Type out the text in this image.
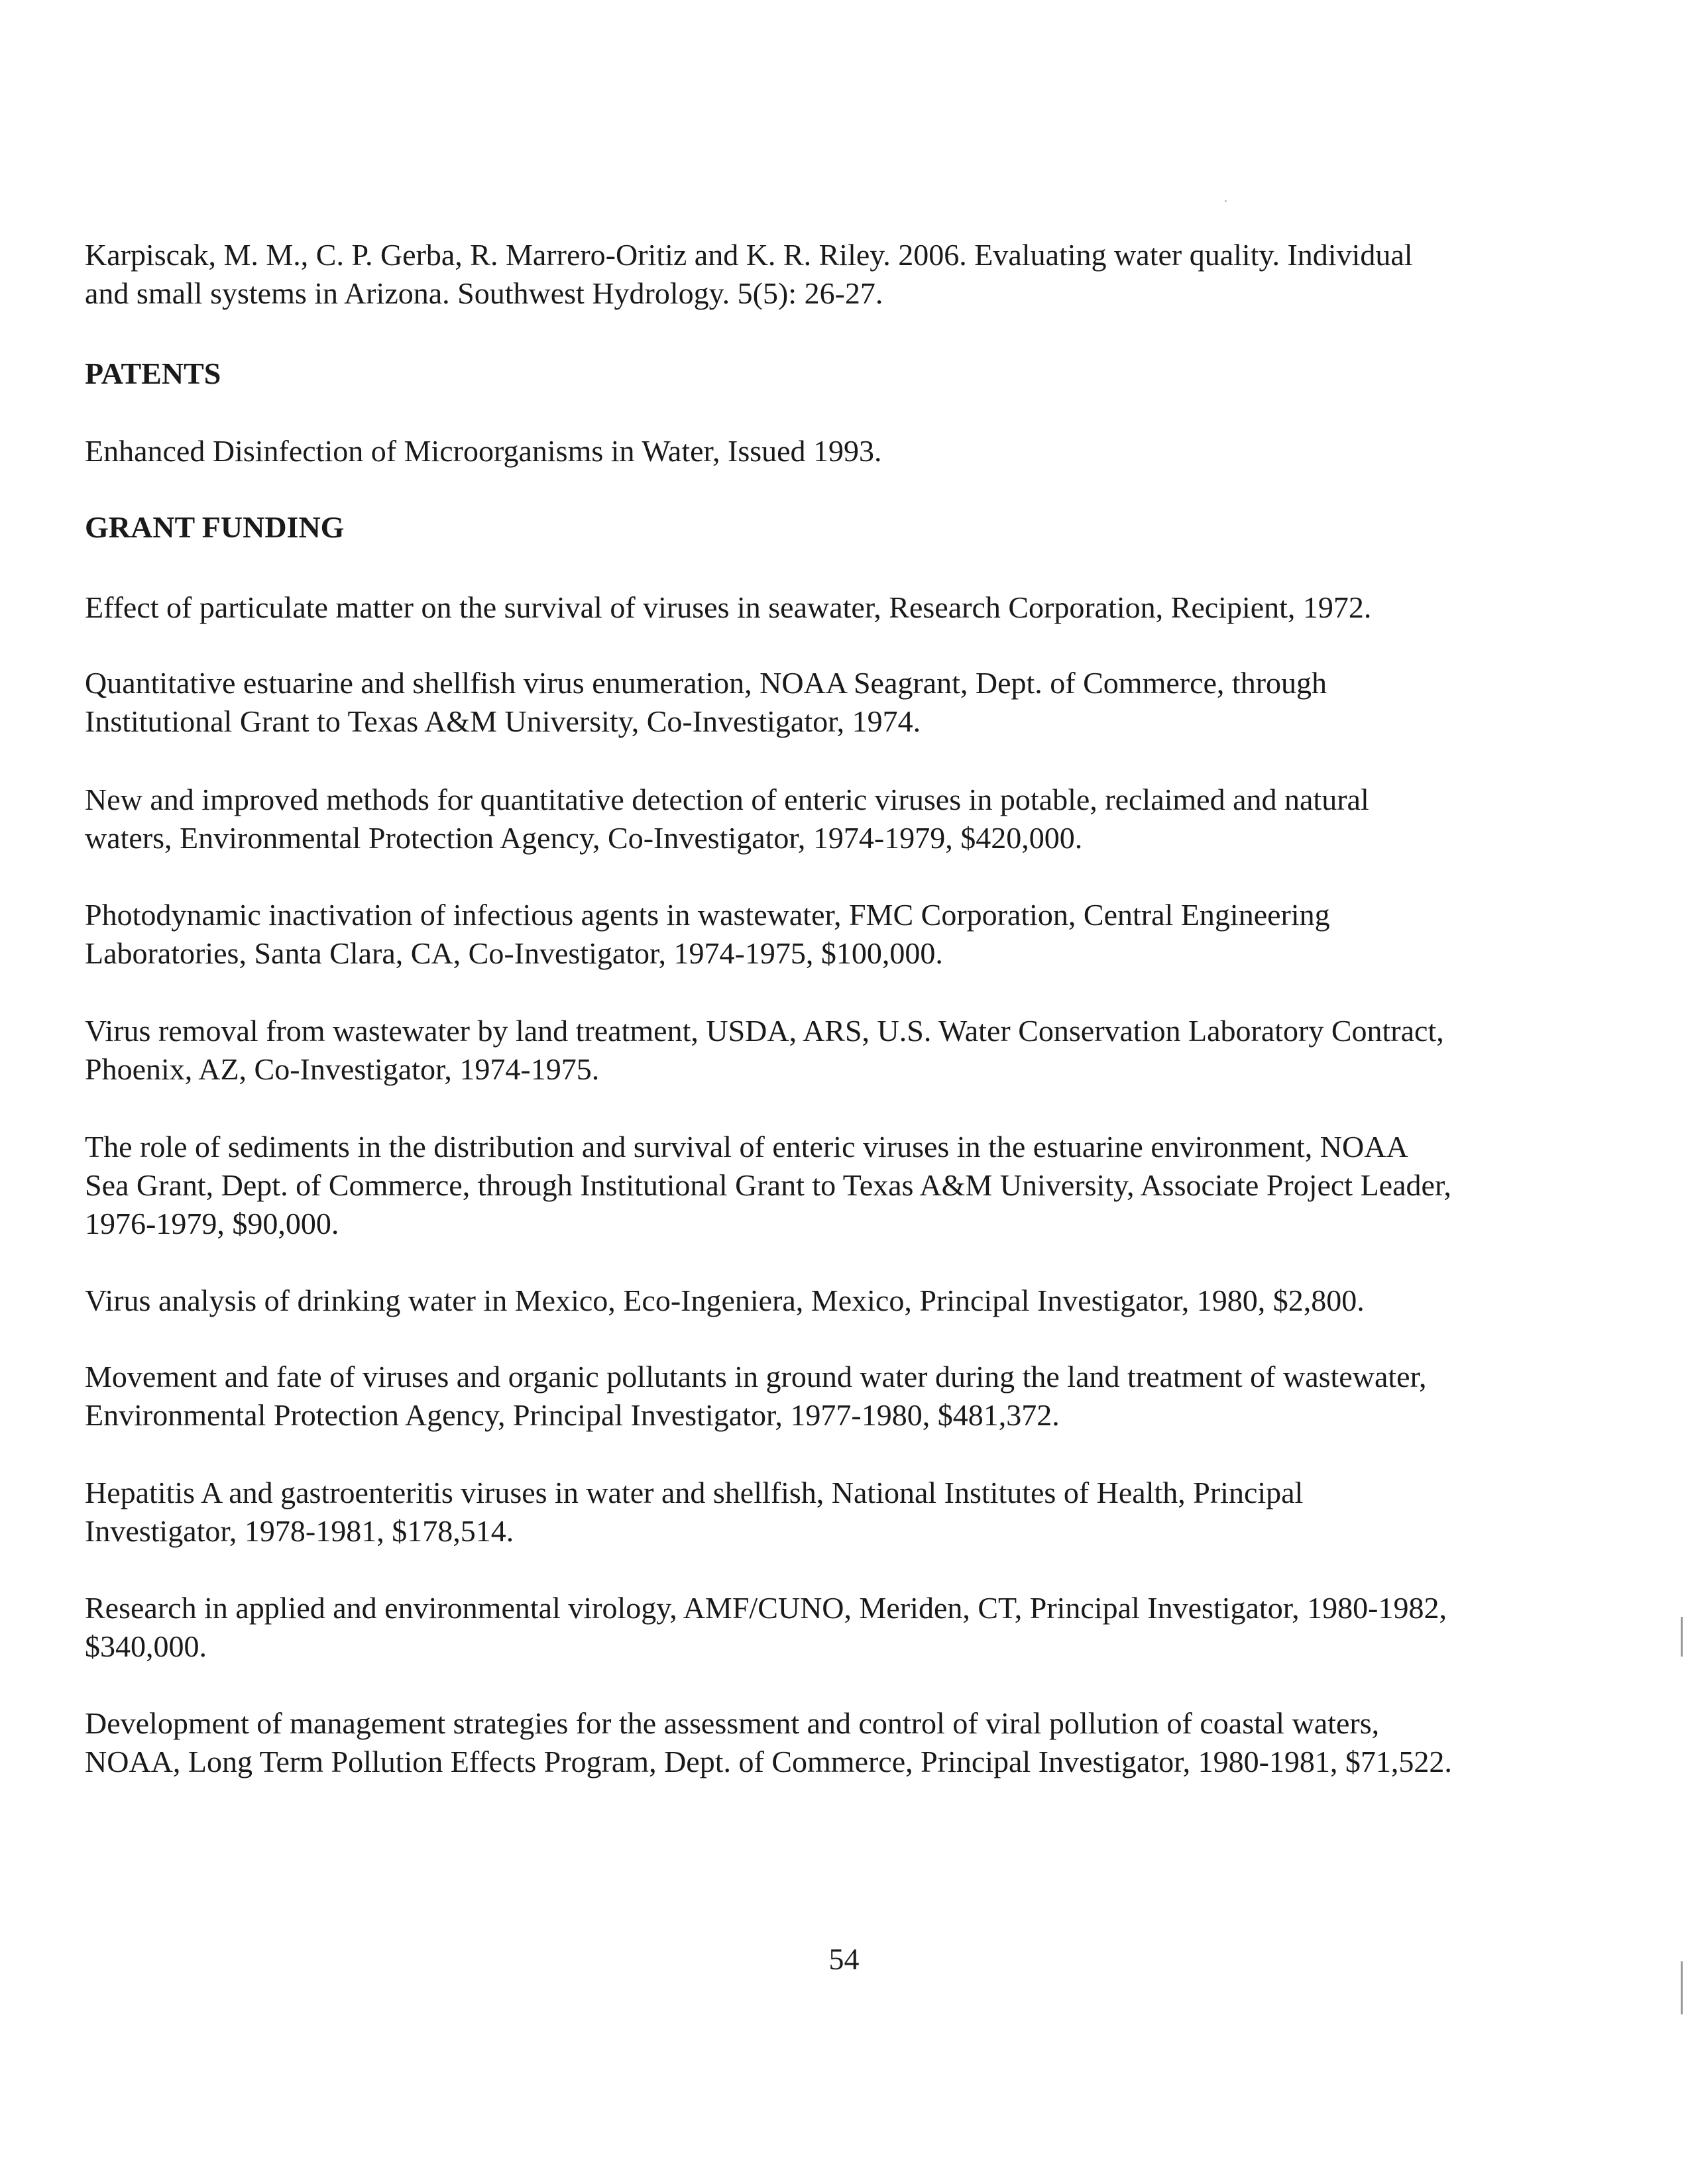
Karpiscak, M. M., C. P. Gerba, R. Marrero-Oritiz and K. R. Riley. 2006. Evaluating water quality. Individual
and small systems in Arizona. Southwest Hydrology. 5(5): 26-27.

PATENTS

Enhanced Disinfection of Microorganisms in Water, Issued 1993.

GRANT FUNDING

Effect of particulate matter on the survival of viruses in seawater, Research Corporation, Recipient, 1972.

Quantitative estuarine and shellfish virus enumeration, NOAA Seagrant, Dept. of Commerce, through
Institutional Grant to Texas A&M University, Co-Investigator, 1974.

New and improved methods for quantitative detection of enteric viruses in potable, reclaimed and natural
waters, Environmental Protection Agency, Co-Investigator, 1974-1979, $420,000.

Photodynamic inactivation of infectious agents in wastewater, FMC Corporation, Central Engineering
Laboratories, Santa Clara, CA, Co-Investigator, 1974-1975, $100,000.

Virus removal from wastewater by land treatment, USDA, ARS, U.S. Water Conservation Laboratory Contract,
Phoenix, AZ, Co-Investigator, 1974-1975.

The role of sediments in the distribution and survival of enteric viruses in the estuarine environment, NOAA
Sea Grant, Dept. of Commerce, through Institutional Grant to Texas A&M University, Associate Project Leader,
1976-1979, $90,000.

Virus analysis of drinking water in Mexico, Eco-Ingeniera, Mexico, Principal Investigator, 1980, $2,800.

Movement and fate of viruses and organic pollutants in ground water during the land treatment of wastewater,
Environmental Protection Agency, Principal Investigator, 1977-1980, $481,372.

Hepatitis A and gastroenteritis viruses in water and shellfish, National Institutes of Health, Principal
Investigator, 1978-1981, $178,514.

Research in applied and environmental virology, AMF/CUNO, Meriden, CT, Principal Investigator, 1980-1982,
$340,000.

Development of management strategies for the assessment and control of viral pollution of coastal waters,
NOAA, Long Term Pollution Effects Program, Dept. of Commerce, Principal Investigator, 1980-1981, $71,522.

54
